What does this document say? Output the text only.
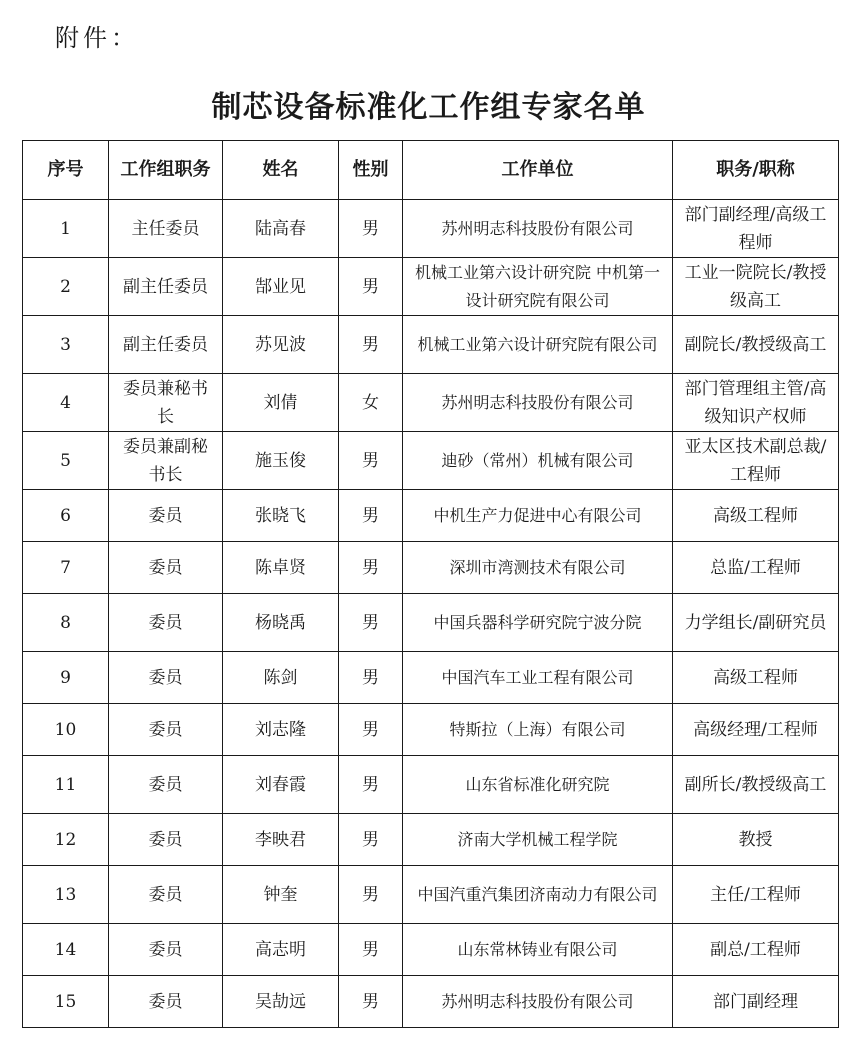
附件：
制芯设备标准化工作组专家名单
序号	工作组职务	姓名	性别	工作单位	职务/职称
1	主任委员	陆高春	男	苏州明志科技股份有限公司	部门副经理/高级工程师
2	副主任委员	郜业见	男	机械工业第六设计研究院 中机第一设计研究院有限公司	工业一院院长/教授级高工
3	副主任委员	苏见波	男	机械工业第六设计研究院有限公司	副院长/教授级高工
4	委员兼秘书长	刘倩	女	苏州明志科技股份有限公司	部门管理组主管/高级知识产权师
5	委员兼副秘书长	施玉俊	男	迪砂（常州）机械有限公司	亚太区技术副总裁/工程师
6	委员	张晓飞	男	中机生产力促进中心有限公司	高级工程师
7	委员	陈卓贤	男	深圳市湾测技术有限公司	总监/工程师
8	委员	杨晓禹	男	中国兵器科学研究院宁波分院	力学组长/副研究员
9	委员	陈剑	男	中国汽车工业工程有限公司	高级工程师
10	委员	刘志隆	男	特斯拉（上海）有限公司	高级经理/工程师
11	委员	刘春霞	男	山东省标准化研究院	副所长/教授级高工
12	委员	李映君	男	济南大学机械工程学院	教授
13	委员	钟奎	男	中国汽重汽集团济南动力有限公司	主任/工程师
14	委员	高志明	男	山东常林铸业有限公司	副总/工程师
15	委员	吴劼远	男	苏州明志科技股份有限公司	部门副经理
